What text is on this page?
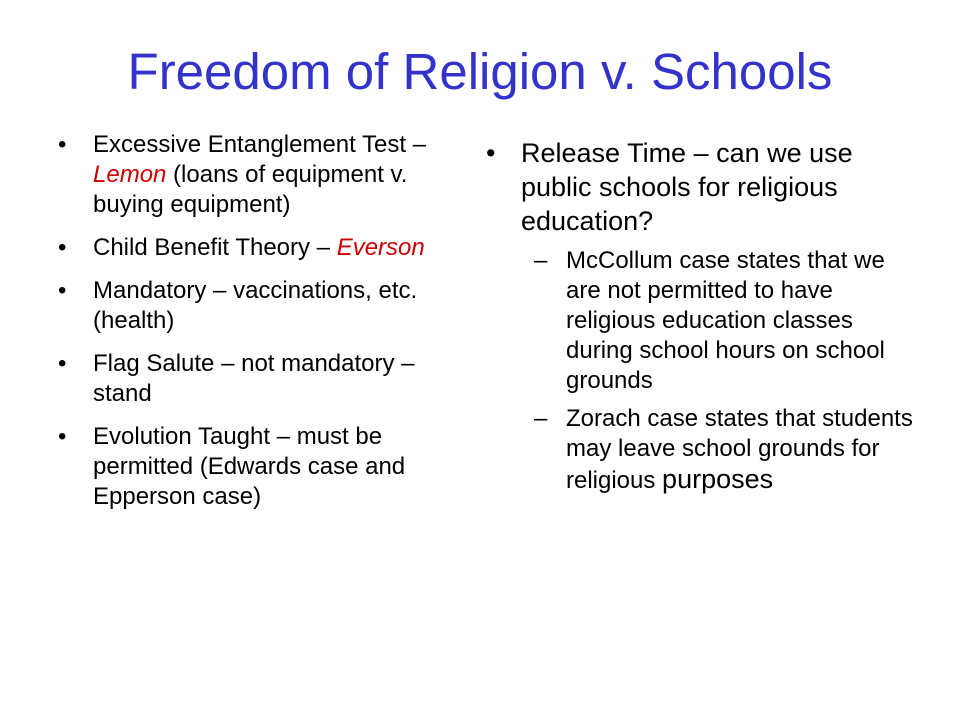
Freedom of Religion v. Schools
• Excessive Entanglement Test – Lemon (loans of equipment v. buying equipment)
• Child Benefit Theory – Everson
• Mandatory – vaccinations, etc. (health)
• Flag Salute – not mandatory – stand
• Evolution Taught – must be permitted (Edwards case and Epperson case)
• Release Time – can we use public schools for religious education?
– McCollum case states that we are not permitted to have religious education classes during school hours on school grounds
– Zorach case states that students may leave school grounds for religious purposes
